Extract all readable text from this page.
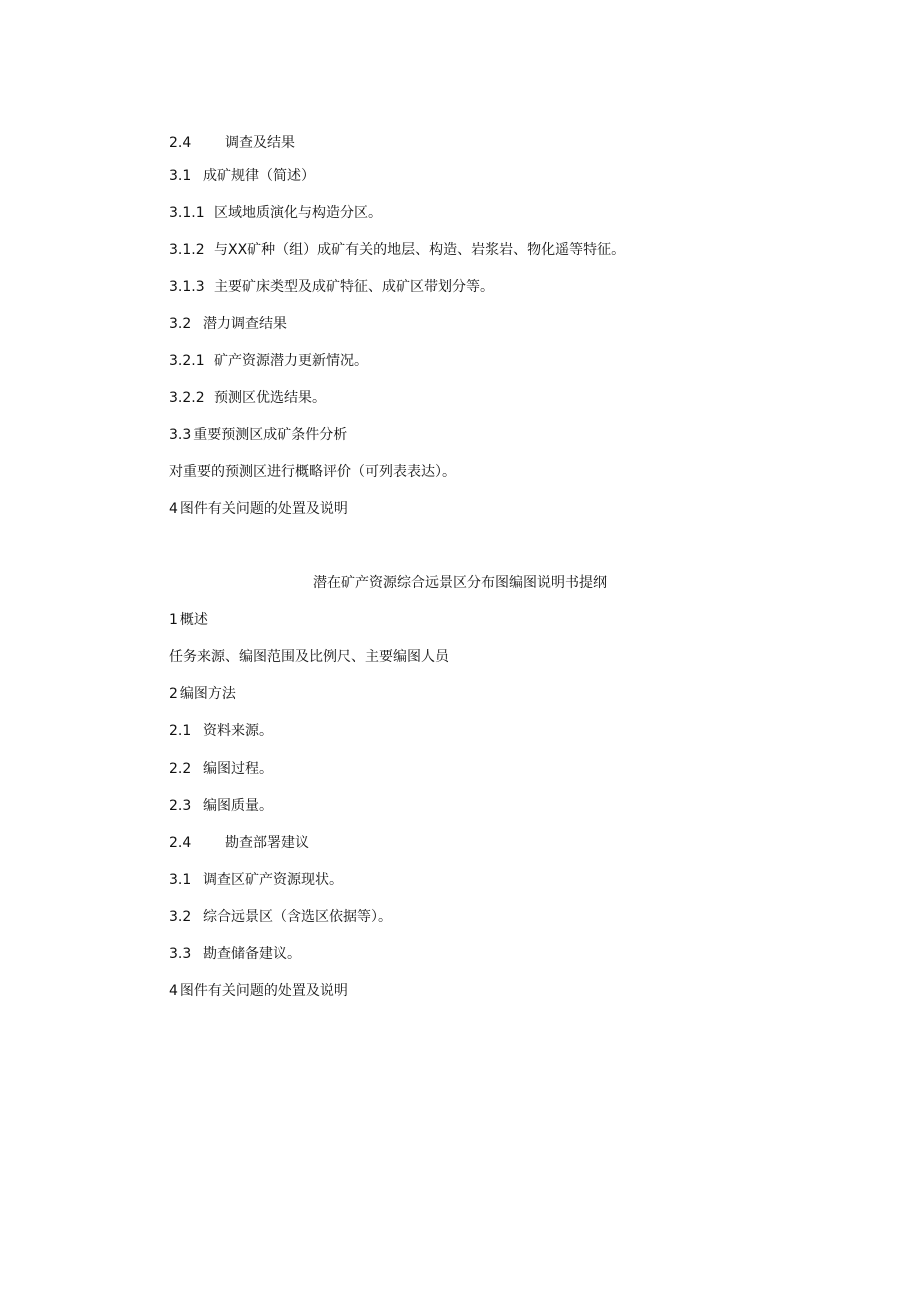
2.4 调查及结果
3.1 成矿规律（简述）
3.1.1 区域地质演化与构造分区。
3.1.2 与XX矿种（组）成矿有关的地层、构造、岩浆岩、物化遥等特征。
3.1.3 主要矿床类型及成矿特征、成矿区带划分等。
3.2 潜力调查结果
3.2.1 矿产资源潜力更新情况。
3.2.2 预测区优选结果。
3.3 重要预测区成矿条件分析
对重要的预测区进行概略评价（可列表表达）。
4 图件有关问题的处置及说明
潜在矿产资源综合远景区分布图编图说明书提纲
1 概述
任务来源、编图范围及比例尺、主要编图人员
2 编图方法
2.1 资料来源。
2.2 编图过程。
2.3 编图质量。
2.4 勘查部署建议
3.1 调查区矿产资源现状。
3.2 综合远景区（含选区依据等）。
3.3 勘查储备建议。
4 图件有关问题的处置及说明
